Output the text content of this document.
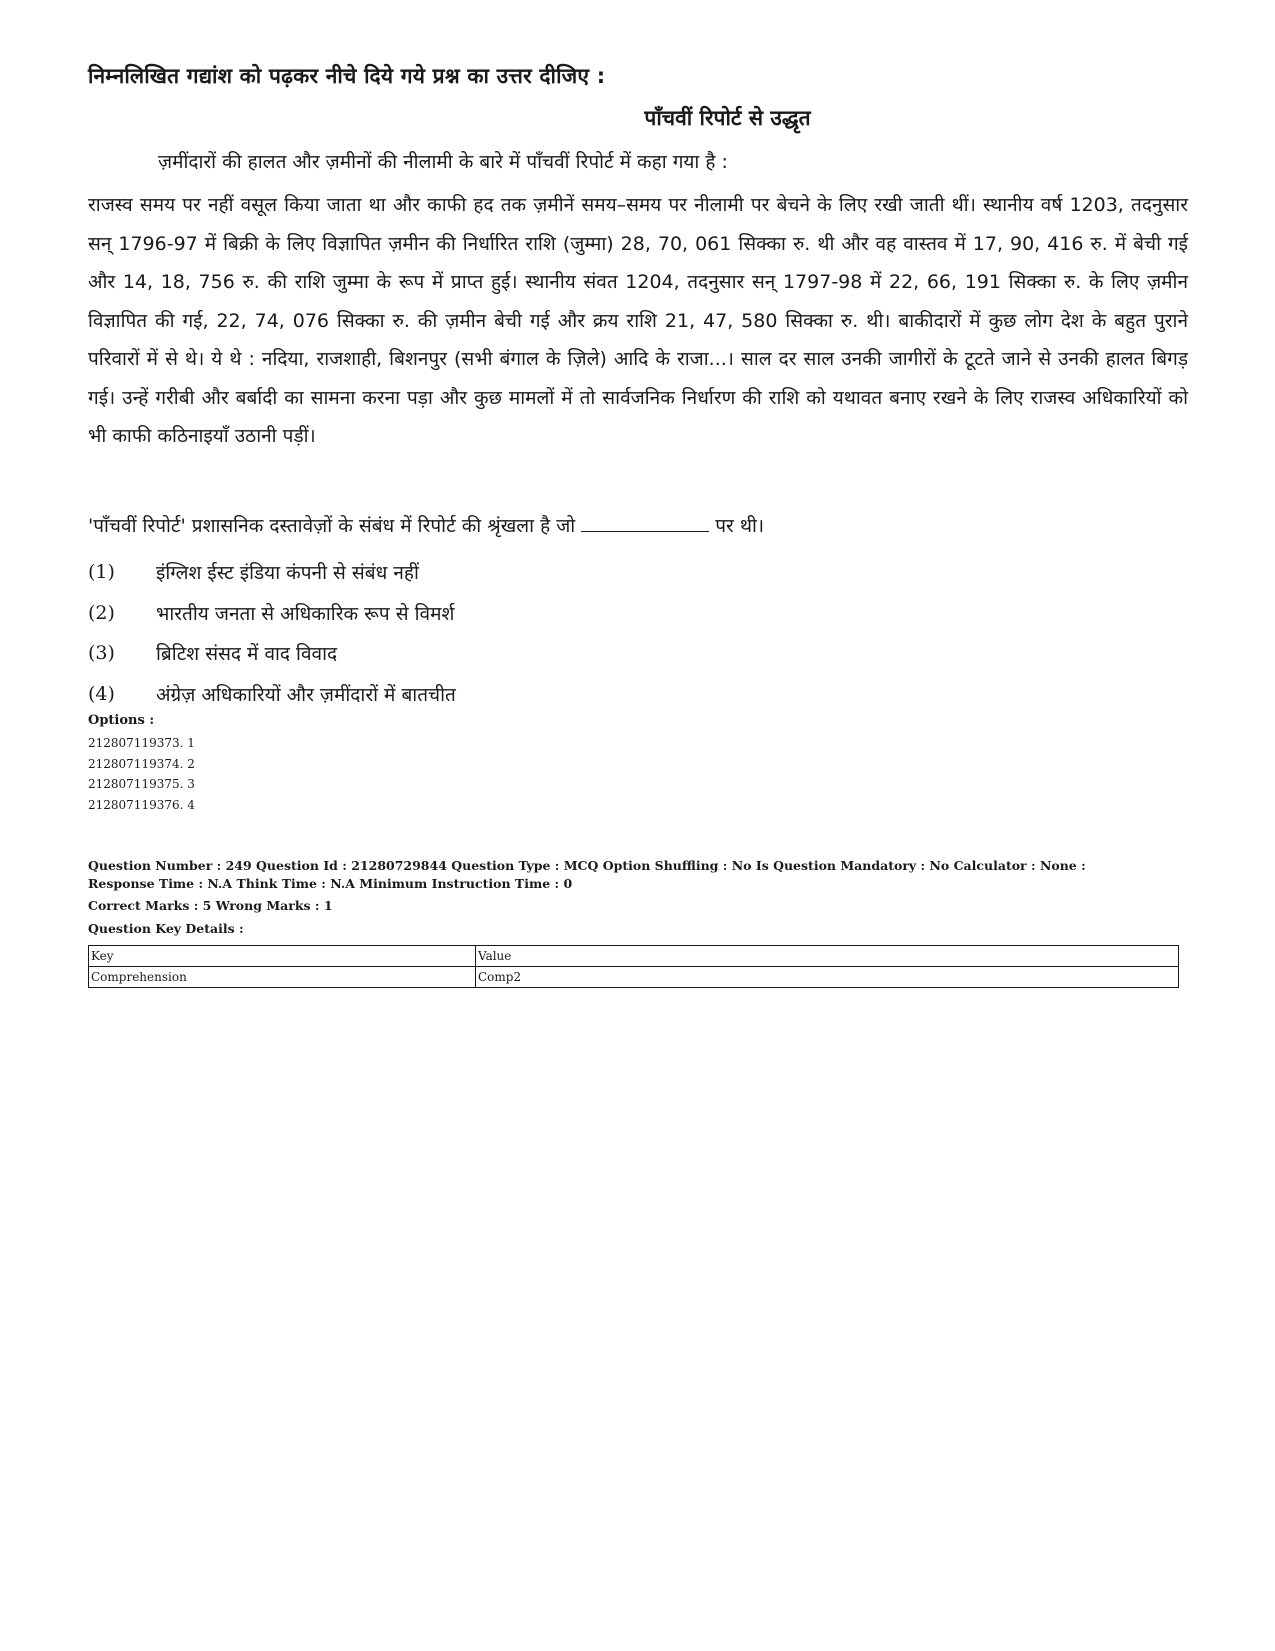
निम्नलिखित गद्यांश को पढ़कर नीचे दिये गये प्रश्न का उत्तर दीजिए :
पाँचवीं रिपोर्ट से उद्धृत
ज़मींदारों की हालत और ज़मीनों की नीलामी के बारे में पाँचवीं रिपोर्ट में कहा गया है :

राजस्व समय पर नहीं वसूल किया जाता था और काफी हद तक ज़मीनें समय–समय पर नीलामी पर बेचने के लिए रखी जाती थीं। स्थानीय वर्ष 1203, तदनुसार सन् 1796-97 में बिक्री के लिए विज्ञापित ज़मीन की निर्धारित राशि (जुम्मा) 28, 70, 061 सिक्का रु. थी और वह वास्तव में 17, 90, 416 रु. में बेची गई और 14, 18, 756 रु. की राशि जुम्मा के रूप में प्राप्त हुई। स्थानीय संवत 1204, तदनुसार सन् 1797-98 में 22, 66, 191 सिक्का रु. के लिए ज़मीन विज्ञापित की गई, 22, 74, 076 सिक्का रु. की ज़मीन बेची गई और क्रय राशि 21, 47, 580 सिक्का रु. थी। बाकीदारों में कुछ लोग देश के बहुत पुराने परिवारों में से थे। ये थे : नदिया, राजशाही, बिशनपुर (सभी बंगाल के ज़िले) आदि के राजा...। साल दर साल उनकी जागीरों के टूटते जाने से उनकी हालत बिगड़ गई। उन्हें गरीबी और बर्बादी का सामना करना पड़ा और कुछ मामलों में तो सार्वजनिक निर्धारण की राशि को यथावत बनाए रखने के लिए राजस्व अधिकारियों को भी काफी कठिनाइयाँ उठानी पड़ीं।

'पाँचवीं रिपोर्ट' प्रशासनिक दस्तावेज़ों के संबंध में रिपोर्ट की श्रृंखला है जो	पर थी।
(1)	इंग्लिश ईस्ट इंडिया कंपनी से संबंध नहीं
(2)	भारतीय जनता से अधिकारिक रूप से विमर्श
(3)	ब्रिटिश संसद में वाद विवाद
(4)	अंग्रेज़ अधिकारियों और ज़मींदारों में बातचीत
Options :
212807119373. 1
212807119374. 2
212807119375. 3
212807119376. 4
Question Number : 249 Question Id : 21280729844 Question Type : MCQ Option Shuffling : No Is Question Mandatory : No Calculator : None :
Response Time : N.A Think Time : N.A Minimum Instruction Time : 0
Correct Marks : 5 Wrong Marks : 1
Question Key Details :
Key	Value
Comprehension	Comp2
